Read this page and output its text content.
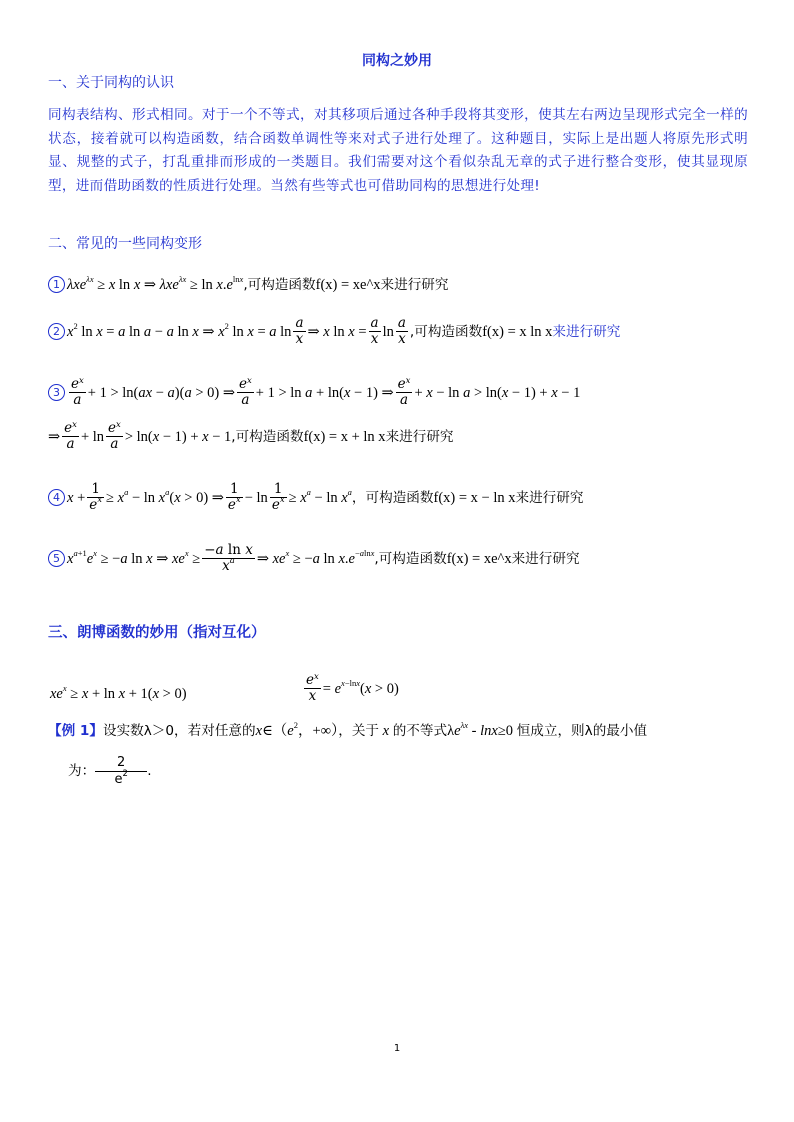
同构之妙用
一、关于同构的认识
同构表结构、形式相同。对于一个不等式，对其移项后通过各种手段将其变形，使其左右两边呈现形式完全一样的状态，接着就可以构造函数，结合函数单调性等来对式子进行处理了。这种题目，实际上是出题人将原先形式明显、规整的式子，打乱重排而形成的一类题目。我们需要对这个看似杂乱无章的式子进行整合变形，使其显现原型，进而借助函数的性质进行处理。当然有些等式也可借助同构的思想进行处理!
二、常见的一些同构变形
1 λxe$^{\lambda x}$ ≥ x ln x ⇒ $\lambda xe^{\lambda x} \ge \ln x.e^{lnx}$,可构造函数f(x) = xe^x来进行研究
2 $x^2$ ln x = a ln a − a ln x ⇒ $x^2$ ln x = a $\ln \frac{a}{x}$ ⇒ x $\ln x = \frac{a}{x}$ $\ln \frac{a}{x}$ ,可构造函数f(x) = x ln x来进行研究
$3 \frac{e^x}{a} + 1 > \ln(ax - a)(a > 0)$ ⇒ $\frac{e^x}{a} + 1 > \ln a + \ln(x - 1)$ ⇒ $\frac{e^x}{a} + x - \ln a > \ln(x - 1) + x - 1$
⇒ $\frac{e^x}{a} + \ln \frac{e^x}{a} > \ln(x - 1) + x - 1$,可构造函数f(x) = x + ln x来进行研究
4 $x + \frac{1}{e^x} \ge x^a - \ln x^a(x > 0)$ ⇒ $\frac{1}{e^x} - \ln \frac{1}{e^x} \ge x^a - \ln x^a$，可构造函数f(x) = x − ln x来进行研究
5 $x^{a+1}e^x \ge -a$ ln x ⇒ $xe^x \ge \frac{\text{−a ln x}}{x^a}$ ⇒ $xe^x \ge -a$ $\ln x.e^{-alnx}$,可构造函数f(x) = xe^x来进行研究
三、朗博函数的妙用（指对互化）
$xe^x \ge x + \ln x + 1(x > 0)$	$\frac{e^x}{x} = e^{x-lnx}(x > 0)$
【例 1】设实数λ＞0，若对任意的$x\in(e^2$，+∞），关于 x 的不等式$\lambda e^{\lambda x} - \ln x\ge 0$ 恒成立，则λ的最小值
为： $\frac{2}{e^2}$ .
1
